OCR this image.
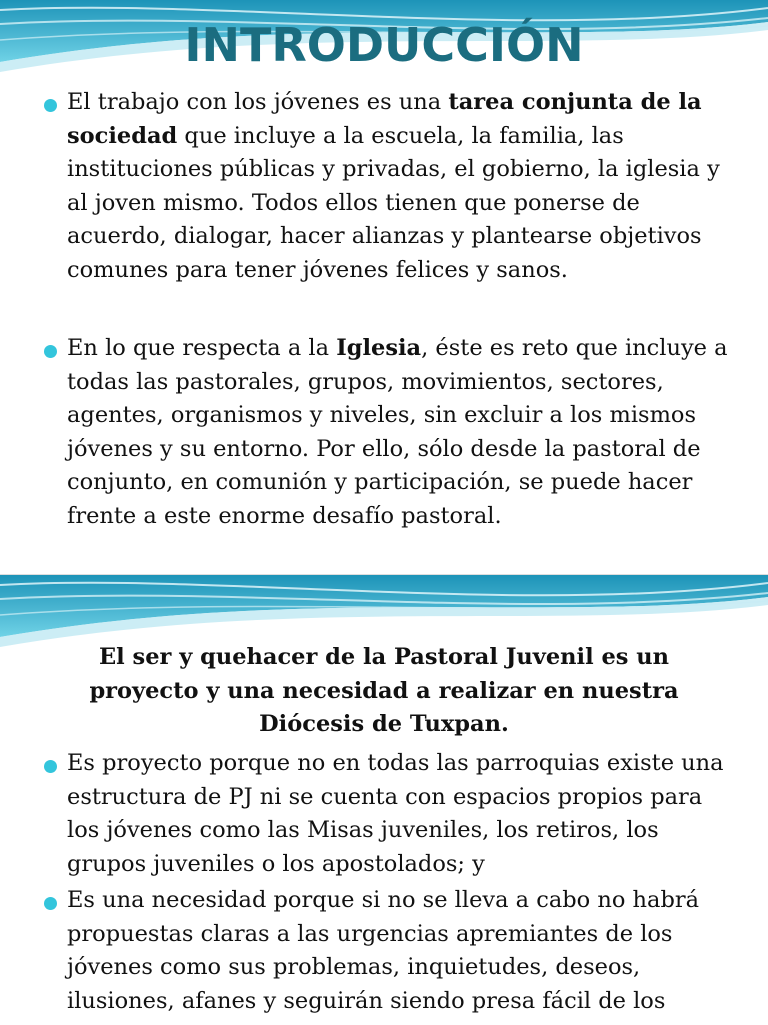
INTRODUCCIÓN
El trabajo con los jóvenes es una tarea conjunta de la sociedad que incluye a la escuela, la familia, las instituciones públicas y privadas, el gobierno, la iglesia y al joven mismo. Todos ellos tienen que ponerse de acuerdo, dialogar, hacer alianzas y plantearse objetivos comunes para tener jóvenes felices y sanos.
En lo que respecta a la Iglesia, éste es reto que incluye a todas las pastorales, grupos, movimientos, sectores, agentes, organismos y niveles, sin excluir a los mismos jóvenes y su entorno. Por ello, sólo desde la pastoral de conjunto, en comunión y participación, se puede hacer frente a este enorme desafío pastoral.

El ser y quehacer de la Pastoral Juvenil es un proyecto y una necesidad a realizar en nuestra Diócesis de Tuxpan.

Es proyecto porque no en todas las parroquias existe una estructura de PJ ni se cuenta con espacios propios para los jóvenes como las Misas juveniles, los retiros, los grupos juveniles o los apostolados; y
Es una necesidad porque si no se lleva a cabo no habrá propuestas claras a las urgencias apremiantes de los jóvenes como sus problemas, inquietudes, deseos, ilusiones, afanes y seguirán siendo presa fácil de los
